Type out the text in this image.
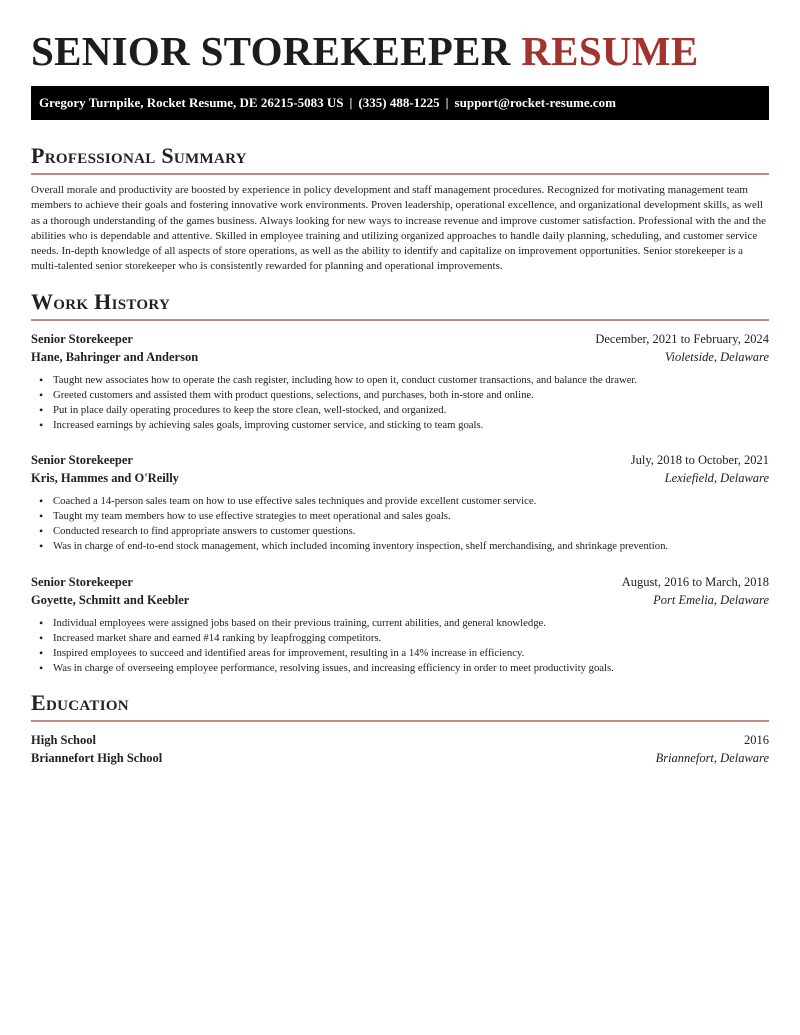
SENIOR STOREKEEPER RESUME
Gregory Turnpike, Rocket Resume, DE 26215-5083 US | (335) 488-1225 | support@rocket-resume.com
Professional Summary

Overall morale and productivity are boosted by experience in policy development and staff management procedures. Recognized for motivating management team members to achieve their goals and fostering innovative work environments. Proven leadership, operational excellence, and organizational development skills, as well as a thorough understanding of the games business. Always looking for new ways to increase revenue and improve customer satisfaction. Professional with the and the abilities who is dependable and attentive. Skilled in employee training and utilizing organized approaches to handle daily planning, scheduling, and customer service needs. In-depth knowledge of all aspects of store operations, as well as the ability to identify and capitalize on improvement opportunities. Senior storekeeper is a multi-talented senior storekeeper who is consistently rewarded for planning and operational improvements.

Work History
Senior Storekeeper	December, 2021 to February, 2024
Hane, Bahringer and Anderson	Violetside, Delaware
• Taught new associates how to operate the cash register, including how to open it, conduct customer transactions, and balance the drawer.
• Greeted customers and assisted them with product questions, selections, and purchases, both in-store and online.
• Put in place daily operating procedures to keep the store clean, well-stocked, and organized.
• Increased earnings by achieving sales goals, improving customer service, and sticking to team goals.
Senior Storekeeper	July, 2018 to October, 2021
Kris, Hammes and O'Reilly	Lexiefield, Delaware
• Coached a 14-person sales team on how to use effective sales techniques and provide excellent customer service.
• Taught my team members how to use effective strategies to meet operational and sales goals.
• Conducted research to find appropriate answers to customer questions.
• Was in charge of end-to-end stock management, which included incoming inventory inspection, shelf merchandising, and shrinkage prevention.
Senior Storekeeper	August, 2016 to March, 2018
Goyette, Schmitt and Keebler	Port Emelia, Delaware
• Individual employees were assigned jobs based on their previous training, current abilities, and general knowledge.
• Increased market share and earned #14 ranking by leapfrogging competitors.
• Inspired employees to succeed and identified areas for improvement, resulting in a 14% increase in efficiency.
• Was in charge of overseeing employee performance, resolving issues, and increasing efficiency in order to meet productivity goals.
Education
High School	2016
Briannefort High School	Briannefort, Delaware
